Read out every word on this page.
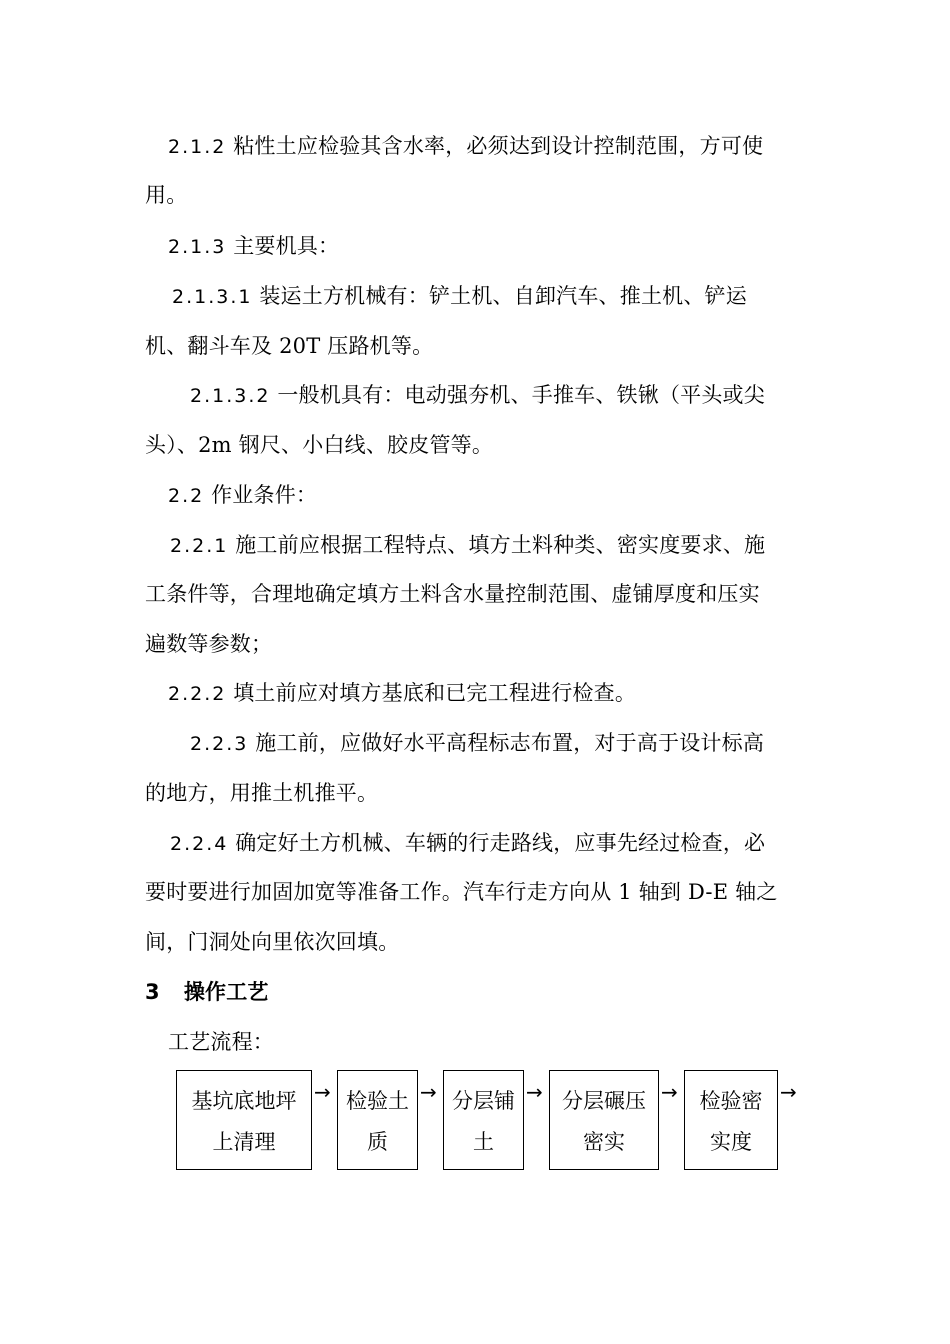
2.1.2 粘性土应检验其含水率，必须达到设计控制范围，方可使
用。
2.1.3 主要机具：
2.1.3.1 装运土方机械有：铲土机、自卸汽车、推土机、铲运
机、翻斗车及 20T 压路机等。
2.1.3.2 一般机具有：电动强夯机、手推车、铁锹（平头或尖
头）、2m 钢尺、小白线、胶皮管等。
2.2 作业条件：
2.2.1 施工前应根据工程特点、填方土料种类、密实度要求、施
工条件等，合理地确定填方土料含水量控制范围、虚铺厚度和压实
遍数等参数；
2.2.2 填土前应对填方基底和已完工程进行检查。
2.2.3 施工前，应做好水平高程标志布置，对于高于设计标高
的地方，用推土机推平。
2.2.4 确定好土方机械、车辆的行走路线，应事先经过检查，必
要时要进行加固加宽等准备工作。汽车行走方向从 1 轴到 D-E 轴之
间，门洞处向里依次回填。
3 操作工艺
工艺流程：
基坑底地坪
上清理
→ 检验土
质
→ 分层铺
土
→ 分层碾压
密实
→ 检验密
实度
→
